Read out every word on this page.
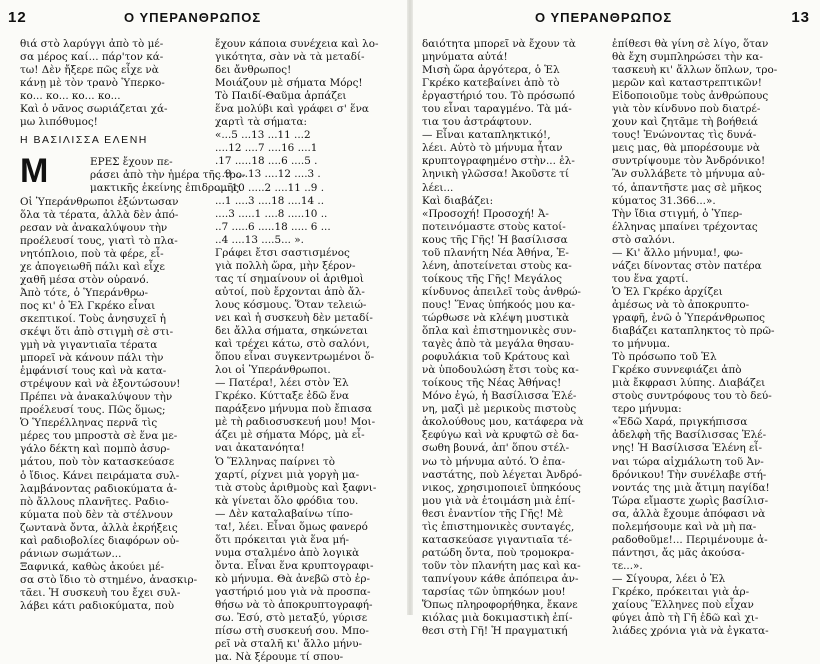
12	Ο ΥΠΕΡΑΝΘΡΩΠΟΣ
θιά στὸ λαρύγγι ἀπὸ τὸ μέ-
σα μέρος καί... πάρ'τον κά-
τω! Δὲν ἤξερε πῶς εἶχε νὰ
κάνῃ μὲ τὸν τρανὸ Ὑπερκο-
κο... κο... κο... κο...
Καὶ ὁ νᾶνος σωριάζεται χά-
μω λιπόθυμος!
Η ΒΑΣΙΛΙΣΣΑ ΕΛΕΝΗ
Μ	ΕΡΕΣ ἔχουν πε-
ράσει ἀπὸ τὴν ἡμέρα τῆς τρο-
μακτικῆς ἐκείνης ἐπιδρομῆς.
Οἱ Ὑπεράνθρωποι ἐξώντωσαν
ὅλα τὰ τέρατα, ἀλλὰ δὲν ἀπό-
ρεσαν νὰ ἀνακαλύψουν τὴν
προέλευσί τους, γιατὶ τὸ πλα-
νητόπλοιο, ποὺ τὰ φέρε, εἶ-
χε ἀπογειωθῆ πάλι καὶ εἶχε
χαθῆ μέσα στὸν οὐρανό.
Ἀπὸ τότε, ὁ Ὑπεράνθρω-
πος κι' ὁ Ἑλ Γκρέκο εἶναι
σκεπτικοί. Τοὺς ἀνησυχεῖ ἡ
σκέψι ὅτι ἀπὸ στιγμὴ σὲ στι-
γμὴ νὰ γιγαντιαῖα τέρατα
μπορεῖ νὰ κάνουν πάλι τὴν
ἐμφάνισί τους καὶ νὰ κατα-
στρέψουν καὶ νὰ ἐξοντώσουν!
Πρέπει νὰ ἀνακαλύψουν τὴν
προέλευσί τους. Πῶς ὅμως;
Ὁ Ὑπερέλληνας περνᾶ τὶς
μέρες του μπροστὰ σὲ ἕνα με-
γάλο δέκτη καὶ πομπὸ ἀσυρ-
μάτου, ποὺ τὸν κατασκεύασε
ὁ ἴδιος. Κάνει πειράματα συλ-
λαμβάνοντας ραδιοκύματα ἀ-
πὸ ἄλλους πλανῆτες. Ραδιο-
κύματα ποὺ δὲν τὰ στέλνουν
ζωντανὰ ὄντα, ἀλλὰ ἐκρήξεις
καὶ ραδιοβολίες διαφόρων οὐ-
ράνιων σωμάτων...
Ξαφνικά, καθὼς ἀκούει μέ-
σα στὸ ἴδιο τὸ στημένο, ἀνασκιρ-
τᾶει. Ἡ συσκευὴ του ἔχει συλ-
λάβει κάτι ραδιοκύματα, ποὺ
ἔχουν κάποια συνέχεια καὶ λο-
γικότητα, σὰν νὰ τὰ μεταδί-
δει ἄνθρωπος!
Μοιάζουν μὲ σήματα Μόρς!
Τὸ Παιδί-Θαῦμα ἁρπάζει
ἕνα μολύβι καὶ γράφει σ' ἕνα
χαρτὶ τὰ σήματα:
«...5 ...13 ...11 ...2
....12 ....7 ....16 ....1
.17 .....18 ....6 ....5 .
...9 ....13 ....12 ....3 .
.....10 .....2 ....11 ..9 .
...1 ....3 ....18 ....14 ..
....3 .....1 ....8 .....10 ..
..7 .....6 .....18 ..... 6 ...
..4 ....13 ....5... ».
Γράφει ἔτσι σαστισμένος
γιὰ πολλὴ ὥρα, μὴν ξέρον-
τας τί σημαίνουν οἱ ἀριθμοὶ
αὐτοί, ποὺ ἔρχονται ἀπὸ ἄλ-
λους κόσμους. Ὅταν τελειώ-
νει καὶ ἡ συσκευὴ δὲν μεταδί-
δει ἄλλα σήματα, σηκώνεται
καὶ τρέχει κάτω, στὸ σαλόνι,
ὅπου εἶναι συγκεντρωμένοι ὅ-
λοι οἱ Ὑπεράνθρωποι.
— Πατέρα!, λέει στὸν Ἑλ
Γκρέκο. Κύτταξε ἐδῶ ἕνα
παράξενο μήνυμα ποὺ ἔπιασα
μὲ τὴ ραδιοσυσκευή μου! Μοι-
άζει μὲ σήματα Μόρς, μὰ εἶ-
ναι ἀκατανόητα!
Ὁ Ἕλληνας παίρνει τὸ
χαρτί, ρίχνει μιὰ γοργὴ μα-
τιὰ στοὺς ἀριθμοὺς καὶ ξαφνι-
κὰ γίνεται ὅλο φρόδια του.
— Δὲν καταλαβαίνω τίπο-
τα!, λέει. Εἶναι ὅμως φανερό
ὅτι πρόκειται γιὰ ἕνα μή-
νυμα σταλμένο ἀπὸ λογικὰ
ὄντα. Εἶναι ἕνα κρυπτογραφι-
κὸ μήνυμα. Θὰ ἀνεβῶ στὸ ἐρ-
γαστήριό μου γιὰ νὰ προσπα-
θήσω νὰ τὸ ἀποκρυπτογραφή-
σω. Ἐσύ, στὸ μεταξύ, γύρισε
πίσω στὴ συσκευή σου. Μπο-
ρεῖ νὰ σταλῆ κι' ἄλλο μήνυ-
μα. Νὰ ξέρουμε τί σπου-
Ο ΥΠΕΡΑΝΘΡΩΠΟΣ	13
δαιότητα μπορεῖ νὰ ἔχουν τὰ
μηνύματα αὐτά!
Μισὴ ὥρα ἀργότερα, ὁ Ἑλ
Γκρέκο κατεβαίνει ἀπὸ τὸ
ἐργαστήριό του. Τὸ πρόσωπό
του εἶναι ταραγμένο. Τὰ μά-
τια του ἀστράφτουν.
— Εἶναι καταπληκτικό!,
λέει. Αὐτὸ τὸ μήνυμα ἦταν
κρυπτογραφημένο στὴν... ἑλ-
ληνικὴ γλῶσσα! Ἀκοῦστε τί
λέει...
Καὶ διαβάζει:
«Προσοχή! Προσοχή! Ἀ-
ποτεινόμαστε στοὺς κατοί-
κους τῆς Γῆς! Ἡ βασίλισσα
τοῦ πλανήτη Νέα Ἀθήνα, Ἑ-
λένη, ἀποτείνεται στοὺς κα-
τοίκους τῆς Γῆς! Μεγάλος
κίνδυνος ἀπειλεῖ τοὺς ἀνθρώ-
πους! Ἕνας ὑπήκοός μου κα-
τώρθωσε νὰ κλέψη μυστικὰ
ὅπλα καὶ ἐπιστημονικὲς συν-
ταγὲς ἀπὸ τὰ μεγάλα θησαυ-
ροφυλάκια τοῦ Κράτους καὶ
νὰ ὑποδουλώση ἔτσι τοὺς κα-
τοίκους τῆς Νέας Ἀθήνας!
Μόνο ἐγώ, ἡ Βασίλισσα Ἑλέ-
νη, μαζὶ μὲ μερικοὺς πιστοὺς
ἀκολούθους μου, κατάφερα νὰ
ξεφύγω καὶ νὰ κρυφτῶ σὲ δα-
σωθη βουνά, ἀπ' ὅπου στέλ-
νω τὸ μήνυμα αὐτό. Ὁ ἐπα-
ναστάτης, ποὺ λέγεται Ἀνδρό-
νικος, χρησιμοποιεῖ ὑπηκόους
μου γιὰ νὰ ἑτοιμάση μιὰ ἐπί-
θεσι ἐναντίον τῆς Γῆς! Μὲ
τὶς ἐπιστημονικὲς συνταγές,
κατασκεύασε γιγαντιαῖα τέ-
ρατώδη ὄντα, ποὺ τρομοκρα-
τοῦν τὸν πλανήτη μας καὶ κα-
ταπνίγουν κάθε ἀπόπειρα ἀν-
ταρσίας τῶν ὑπηκόων μου!
Ὅπως πληροφορήθηκα, ἔκανε
κιόλας μιὰ δοκιμαστικὴ ἐπί-
θεσι στὴ Γῆ! Ἡ πραγματική
ἐπίθεσι θὰ γίνη σὲ λίγο, ὅταν
θὰ ἔχη συμπληρώσει τὴν κα-
τασκευὴ κι' ἄλλων ὅπλων, τρο-
μερῶν καὶ καταστρεπτικῶν!
Εἰδοποιοῦμε τοὺς ἀνθρώπους
γιὰ τὸν κίνδυνο ποὺ διατρέ-
χουν καὶ ζητᾶμε τὴ βοήθειά
τους! Ἑνώνοντας τὶς δυνά-
μεις μας, θὰ μπορέσουμε νὰ
συντρίψουμε τὸν Ἀνδρόνικο!
Ἂν συλλάβετε τὸ μήνυμα αὐ-
τό, ἀπαντῆστε μας σὲ μῆκος
κύματος 31.366...».
Τὴν ἴδια στιγμή, ὁ Ὑπερ-
έλληνας μπαίνει τρέχοντας
στὸ σαλόνι.
— Κι' ἄλλο μήνυμα!, φω-
νάζει δίνοντας στὸν πατέρα
του ἕνα χαρτί.
Ὁ Ἑλ Γκρέκο ἀρχίζει
ἀμέσως νὰ τὸ ἀποκρυπτο-
γραφῆ, ἐνῶ ὁ Ὑπεράνθρωπος
διαβάζει καταπληκτος τὸ πρῶ-
το μήνυμα.
Τὸ πρόσωπο τοῦ Ἑλ
Γκρέκο συννεφιάζει ἀπὸ
μιὰ ἔκφρασι λύπης. Διαβάζει
στοὺς συντρόφους του τὸ δεύ-
τερο μήνυμα:
«Ἐδῶ Χαρά, πριγκήπισσα
ἀδελφὴ τῆς Βασίλισσας Ἑλέ-
νης! Ἡ Βασίλισσα Ἑλένη εἶ-
ναι τώρα αἰχμάλωτη τοῦ Ἀν-
δρόνικου! Τὴν συνέλαβε στή-
νοντάς της μιὰ ἄτιμη παγίδα!
Τώρα εἴμαστε χωρὶς βασίλισ-
σα, ἀλλὰ ἔχουμε ἀπόφασι νὰ
πολεμήσουμε καὶ νὰ μὴ πα-
ραδοθοῦμε!... Περιμένουμε ἀ-
πάντησι, ἄς μᾶς ἀκούσα-
τε...».
— Σίγουρα, λέει ὁ Ἑλ
Γκρέκο, πρόκειται γιὰ ἀρ-
χαίους Ἕλληνες ποὺ εἶχαν
φύγει ἀπὸ τὴ Γῆ ἐδῶ καὶ χι-
λιάδες χρόνια γιὰ νὰ ἐγκατα-
